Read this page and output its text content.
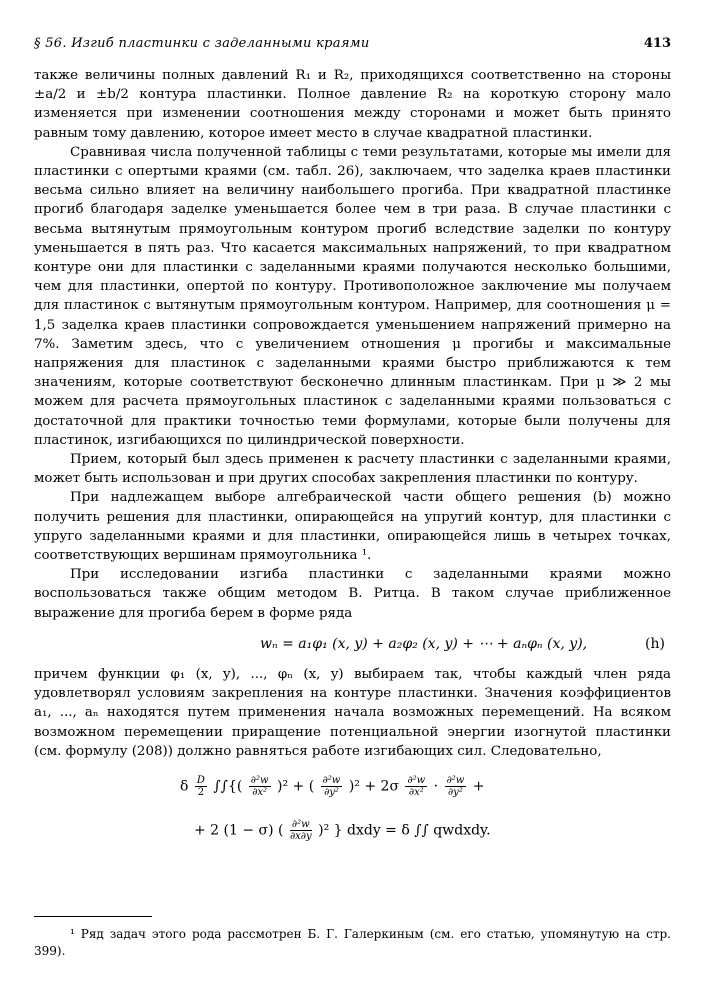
§ 56. Изгиб пластинки с заделанными краями	413

также величины полных давлений R₁ и R₂, приходящихся соответственно на стороны ±a/2 и ±b/2 контура пластинки. Полное давление R₂ на короткую сторону мало изменяется при изменении соотношения между сторонами и может быть принято равным тому давлению, которое имеет место в случае квадратной пластинки.

Сравнивая числа полученной таблицы с теми результатами, которые мы имели для пластинки с опертыми краями (см. табл. 26), заключаем, что заделка краев пластинки весьма сильно влияет на величину наибольшего прогиба. При квадратной пластинке прогиб благодаря заделке уменьшается более чем в три раза. В случае пластинки с весьма вытянутым прямоугольным контуром прогиб вследствие заделки по контуру уменьшается в пять раз. Что касается максимальных напряжений, то при квадратном контуре они для пластинки с заделанными краями получаются несколько большими, чем для пластинки, опертой по контуру. Противоположное заключение мы получаем для пластинок с вытянутым прямоугольным контуром. Например, для соотношения μ = 1,5 заделка краев пластинки сопровождается уменьшением напряжений примерно на 7%. Заметим здесь, что с увеличением отношения μ прогибы и максимальные напряжения для пластинок с заделанными краями быстро приближаются к тем значениям, которые соответствуют бесконечно длинным пластинкам. При μ ≫ 2 мы можем для расчета прямоугольных пластинок с заделанными краями пользоваться с достаточной для практики точностью теми формулами, которые были получены для пластинок, изгибающихся по цилиндрической поверхности.

Прием, который был здесь применен к расчету пластинки с заделанными краями, может быть использован и при других способах закрепления пластинки по контуру.

При надлежащем выборе алгебраической части общего решения (b) можно получить решения для пластинки, опирающейся на упругий контур, для пластинки с упруго заделанными краями и для пластинки, опирающейся лишь в четырех точках, соответствующих вершинам прямоугольника ¹.

При исследовании изгиба пластинки с заделанными краями можно воспользоваться также общим методом В. Ритца. В таком случае приближенное выражение для прогиба берем в форме ряда

wₙ = a₁φ₁ (x, y) + a₂φ₂ (x, y) + ⋯ + aₙφₙ (x, y),	(h)

причем функции φ₁ (x, y), ..., φₙ (x, y) выбираем так, чтобы каждый член ряда удовлетворял условиям закрепления на контуре пластинки. Значения коэффициентов a₁, ..., aₙ находятся путем применения начала возможных перемещений. На всяком возможном перемещении приращение потенциальной энергии изогнутой пластинки (см. формулу (208)) должно равняться работе изгибающих сил. Следовательно,

δ $\frac{D}{2}$ ∫∫{( $\frac{\text{∂²w}}{\text{∂x²}} )^2$ + ( $\frac{\text{∂²w}}{\text{∂y²}} )^2 + 2\sigma \frac{\text{∂²w}}{\text{∂x²}} \cdot \frac{\text{∂²w}}{\text{∂y²}}$ +
+ 2 (1 − σ) ( $\frac{\text{∂²w}}{\partial x\partial y} )^2$ } dxdy = δ ∫∫ qwdxdy.
¹ Ряд задач этого рода рассмотрен Б. Г. Галеркиным (см. его статью, упомянутую на стр. 399).
